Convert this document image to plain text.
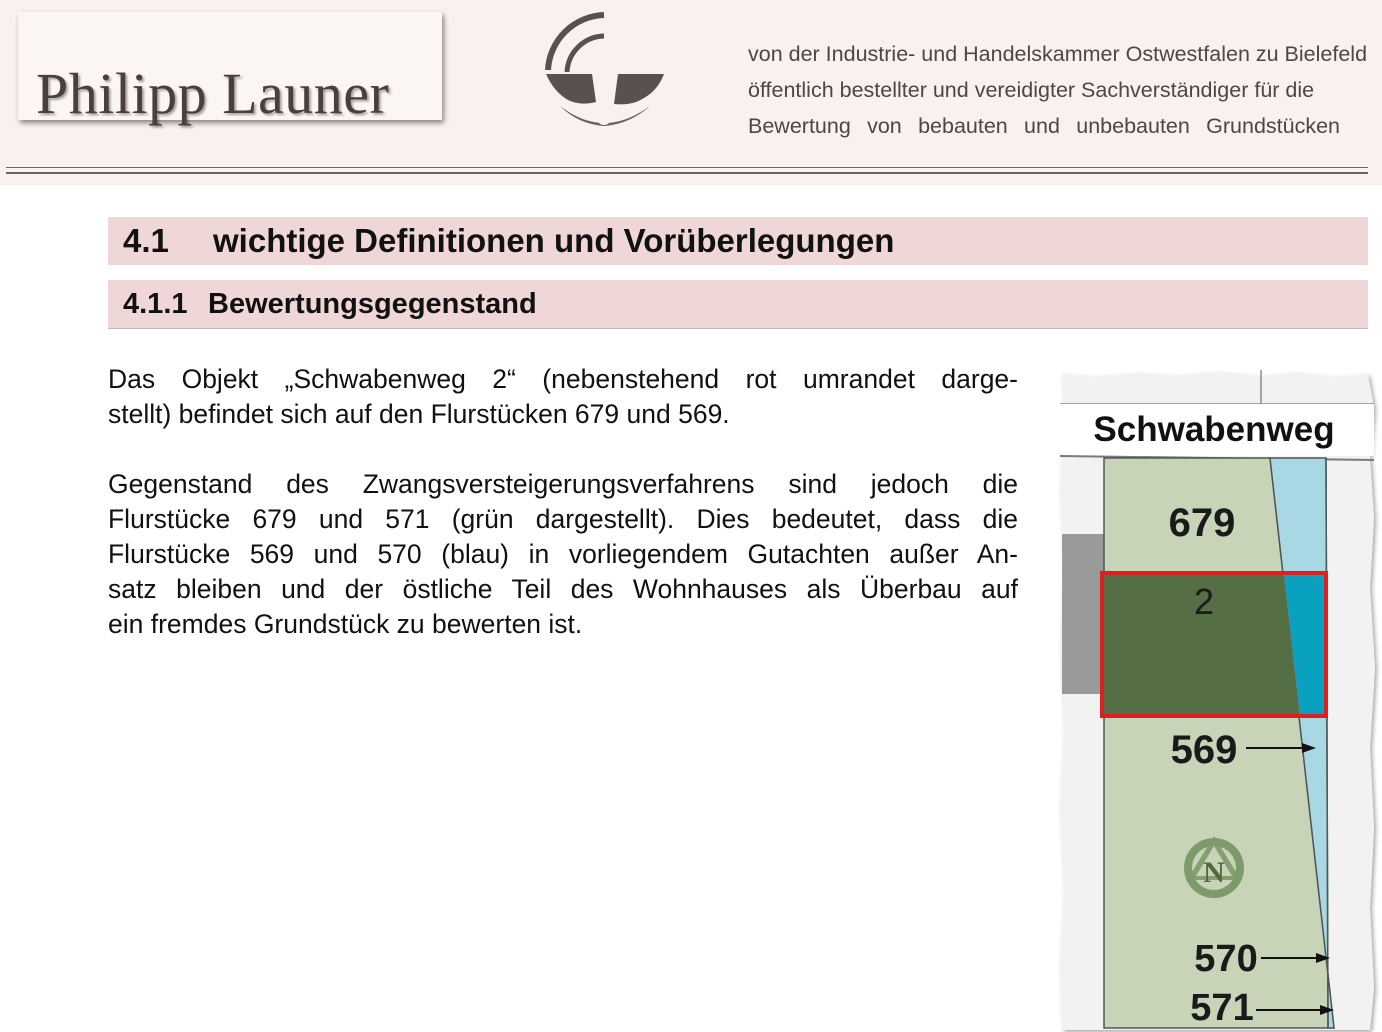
Philipp Launer
von der Industrie- und Handelskammer Ostwestfalen zu Bielefeld
öffentlich bestellter und vereidigter Sachverständiger für die
Bewertung von bebauten und unbebauten Grundstücken
4.1 wichtige Definitionen und Vorüberlegungen
4.1.1 Bewertungsgegenstand

Das Objekt „Schwabenweg 2“ (nebenstehend rot umrandet darge-
stellt) befindet sich auf den Flurstücken 679 und 569.

Gegenstand des Zwangsversteigerungsverfahrens sind jedoch die
Flurstücke 679 und 571 (grün dargestellt). Dies bedeutet, dass die
Flurstücke 569 und 570 (blau) in vorliegendem Gutachten außer An-
satz bleiben und der östliche Teil des Wohnhauses als Überbau auf
ein fremdes Grundstück zu bewerten ist.

Schwabenweg
679
2
569
N
570
571
